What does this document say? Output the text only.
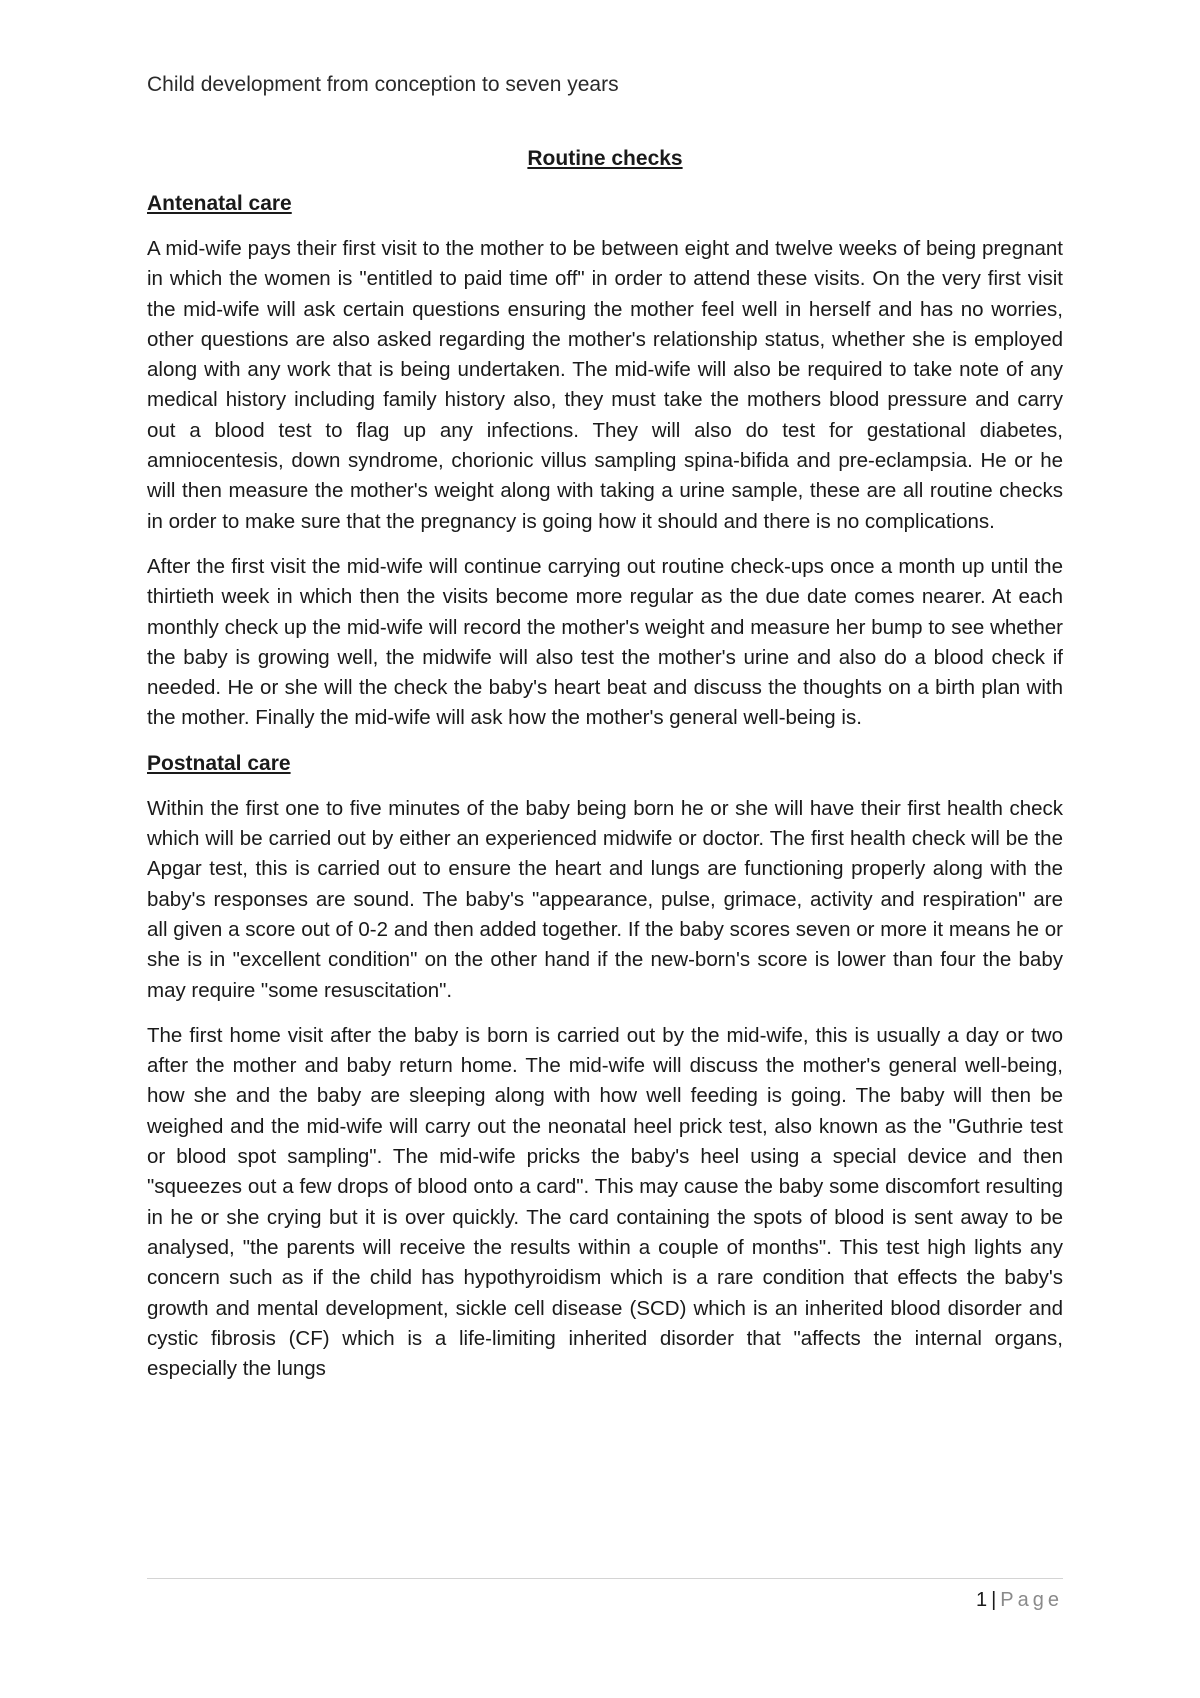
Child development from conception to seven years
Routine checks
Antenatal care

A mid-wife pays their first visit to the mother to be between eight and twelve weeks of being pregnant in which the women is "entitled to paid time off" in order to attend these visits. On the very first visit the mid-wife will ask certain questions ensuring the mother feel well in herself and has no worries, other questions are also asked regarding the mother's relationship status, whether she is employed along with any work that is being undertaken. The mid-wife will also be required to take note of any medical history including family history also, they must take the mothers blood pressure and carry out a blood test to flag up any infections. They will also do test for gestational diabetes, amniocentesis, down syndrome, chorionic villus sampling spina-bifida and pre-eclampsia. He or he will then measure the mother's weight along with taking a urine sample, these are all routine checks in order to make sure that the pregnancy is going how it should and there is no complications.

After the first visit the mid-wife will continue carrying out routine check-ups once a month up until the thirtieth week in which then the visits become more regular as the due date comes nearer. At each monthly check up the mid-wife will record the mother's weight and measure her bump to see whether the baby is growing well, the midwife will also test the mother's urine and also do a blood check if needed. He or she will the check the baby's heart beat and discuss the thoughts on a birth plan with the mother. Finally the mid-wife will ask how the mother's general well-being is.

Postnatal care

Within the first one to five minutes of the baby being born he or she will have their first health check which will be carried out by either an experienced midwife or doctor. The first health check will be the Apgar test, this is carried out to ensure the heart and lungs are functioning properly along with the baby's responses are sound. The baby's "appearance, pulse, grimace, activity and respiration" are all given a score out of 0-2 and then added together. If the baby scores seven or more it means he or she is in "excellent condition" on the other hand if the new-born's score is lower than four the baby may require "some resuscitation".

The first home visit after the baby is born is carried out by the mid-wife, this is usually a day or two after the mother and baby return home. The mid-wife will discuss the mother's general well-being, how she and the baby are sleeping along with how well feeding is going. The baby will then be weighed and the mid-wife will carry out the neonatal heel prick test, also known as the "Guthrie test or blood spot sampling". The mid-wife pricks the baby's heel using a special device and then "squeezes out a few drops of blood onto a card". This may cause the baby some discomfort resulting in he or she crying but it is over quickly. The card containing the spots of blood is sent away to be analysed, "the parents will receive the results within a couple of months". This test high lights any concern such as if the child has hypothyroidism which is a rare condition that effects the baby's growth and mental development, sickle cell disease (SCD) which is an inherited blood disorder and cystic fibrosis (CF) which is a life-limiting inherited disorder that "affects the internal organs, especially the lungs

1 | Page
